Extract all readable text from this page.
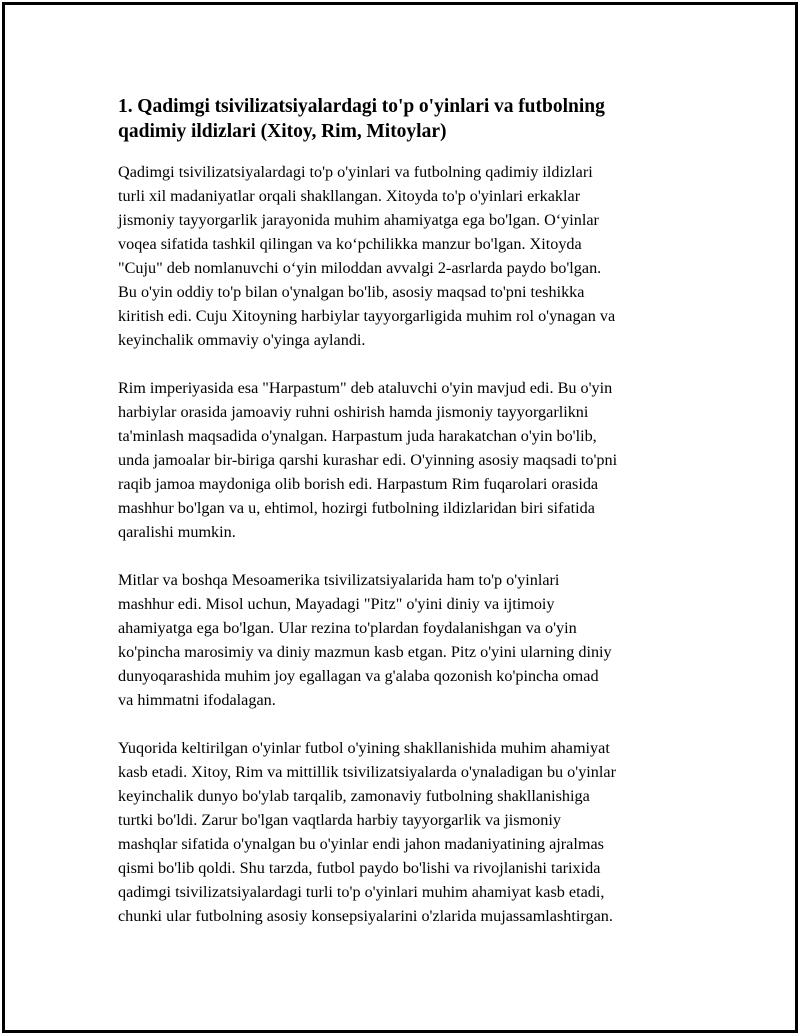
1. Qadimgi tsivilizatsiyalardagi to'p o'yinlari va futbolning
qadimiy ildizlari (Xitoy, Rim, Mitoylar)
Qadimgi tsivilizatsiyalardagi to'p o'yinlari va futbolning qadimiy ildizlari
turli xil madaniyatlar orqali shakllangan. Xitoyda to'p o'yinlari erkaklar
jismoniy tayyorgarlik jarayonida muhim ahamiyatga ega bo'lgan. O‘yinlar
voqea sifatida tashkil qilingan va ko‘pchilikka manzur bo'lgan. Xitoyda
"Cuju" deb nomlanuvchi o‘yin miloddan avvalgi 2-asrlarda paydo bo'lgan.
Bu o'yin oddiy to'p bilan o'ynalgan bo'lib, asosiy maqsad to'pni teshikka
kiritish edi. Cuju Xitoyning harbiylar tayyorgarligida muhim rol o'ynagan va
keyinchalik ommaviy o'yinga aylandi.
Rim imperiyasida esa "Harpastum" deb ataluvchi o'yin mavjud edi. Bu o'yin
harbiylar orasida jamoaviy ruhni oshirish hamda jismoniy tayyorgarlikni
ta'minlash maqsadida o'ynalgan. Harpastum juda harakatchan o'yin bo'lib,
unda jamoalar bir-biriga qarshi kurashar edi. O'yinning asosiy maqsadi to'pni
raqib jamoa maydoniga olib borish edi. Harpastum Rim fuqarolari orasida
mashhur bo'lgan va u, ehtimol, hozirgi futbolning ildizlaridan biri sifatida
qaralishi mumkin.
Mitlar va boshqa Mesoamerika tsivilizatsiyalarida ham to'p o'yinlari
mashhur edi. Misol uchun, Mayadagi "Pitz" o'yini diniy va ijtimoiy
ahamiyatga ega bo'lgan. Ular rezina to'plardan foydalanishgan va o'yin
ko'pincha marosimiy va diniy mazmun kasb etgan. Pitz o'yini ularning diniy
dunyoqarashida muhim joy egallagan va g'alaba qozonish ko'pincha omad
va himmatni ifodalagan.
Yuqorida keltirilgan o'yinlar futbol o'yining shakllanishida muhim ahamiyat
kasb etadi. Xitoy, Rim va mittillik tsivilizatsiyalarda o'ynaladigan bu o'yinlar
keyinchalik dunyo bo'ylab tarqalib, zamonaviy futbolning shakllanishiga
turtki bo'ldi. Zarur bo'lgan vaqtlarda harbiy tayyorgarlik va jismoniy
mashqlar sifatida o'ynalgan bu o'yinlar endi jahon madaniyatining ajralmas
qismi bo'lib qoldi. Shu tarzda, futbol paydo bo'lishi va rivojlanishi tarixida
qadimgi tsivilizatsiyalardagi turli to'p o'yinlari muhim ahamiyat kasb etadi,
chunki ular futbolning asosiy konsepsiyalarini o'zlarida mujassamlashtirgan.
